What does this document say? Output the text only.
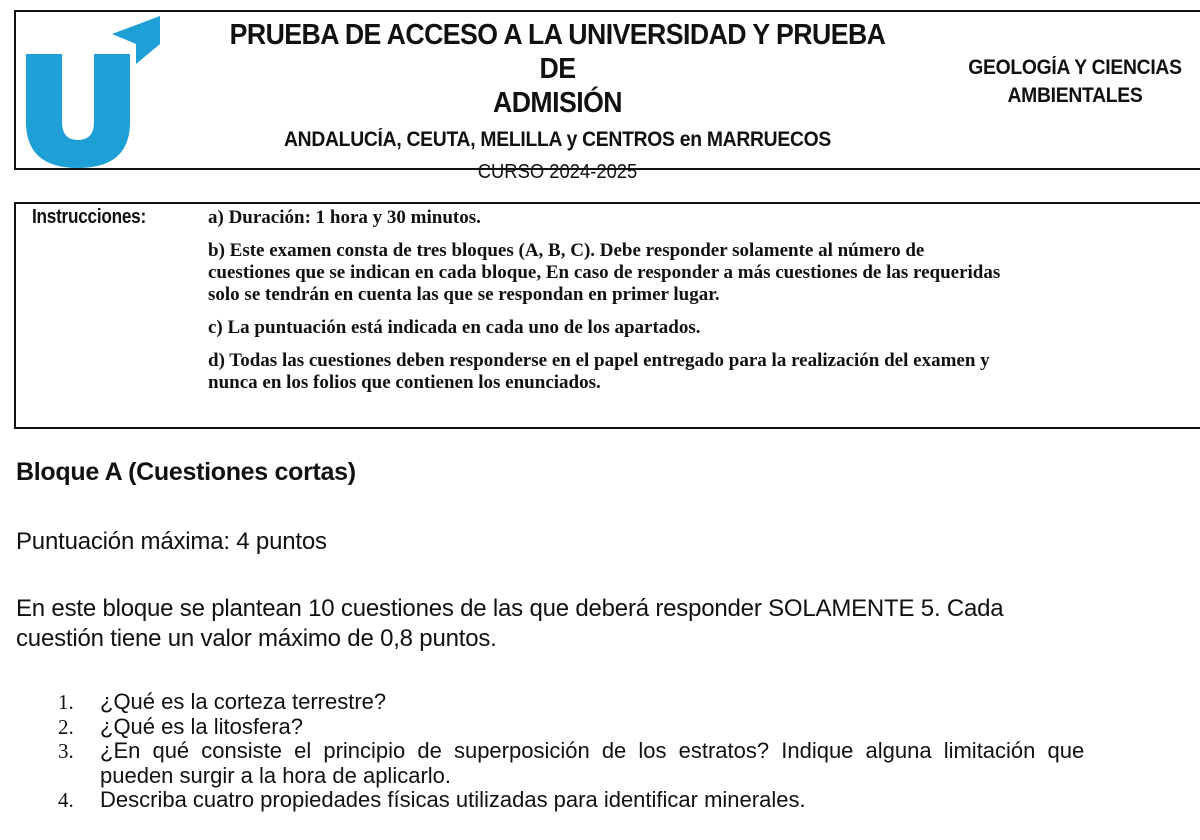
PRUEBA DE ACCESO A LA UNIVERSIDAD Y PRUEBA DE
ADMISIÓN
ANDALUCÍA, CEUTA, MELILLA y CENTROS en MARRUECOS
CURSO 2024-2025
GEOLOGÍA Y CIENCIAS
AMBIENTALES
Instrucciones:	a) Duración: 1 hora y 30 minutos.
b) Este examen consta de tres bloques (A, B, C). Debe responder solamente al número de
cuestiones que se indican en cada bloque, En caso de responder a más cuestiones de las requeridas
solo se tendrán en cuenta las que se respondan en primer lugar.
c) La puntuación está indicada en cada uno de los apartados.
d) Todas las cuestiones deben responderse en el papel entregado para la realización del examen y
nunca en los folios que contienen los enunciados.
Bloque A (Cuestiones cortas)
Puntuación máxima: 4 puntos
En este bloque se plantean 10 cuestiones de las que deberá responder SOLAMENTE 5. Cada
cuestión tiene un valor máximo de 0,8 puntos.
1.	¿Qué es la corteza terrestre?
2.	¿Qué es la litosfera?
3.	¿En qué consiste el principio de superposición de los estratos? Indique alguna limitación que
pueden surgir a la hora de aplicarlo.
4.	Describa cuatro propiedades físicas utilizadas para identificar minerales.
